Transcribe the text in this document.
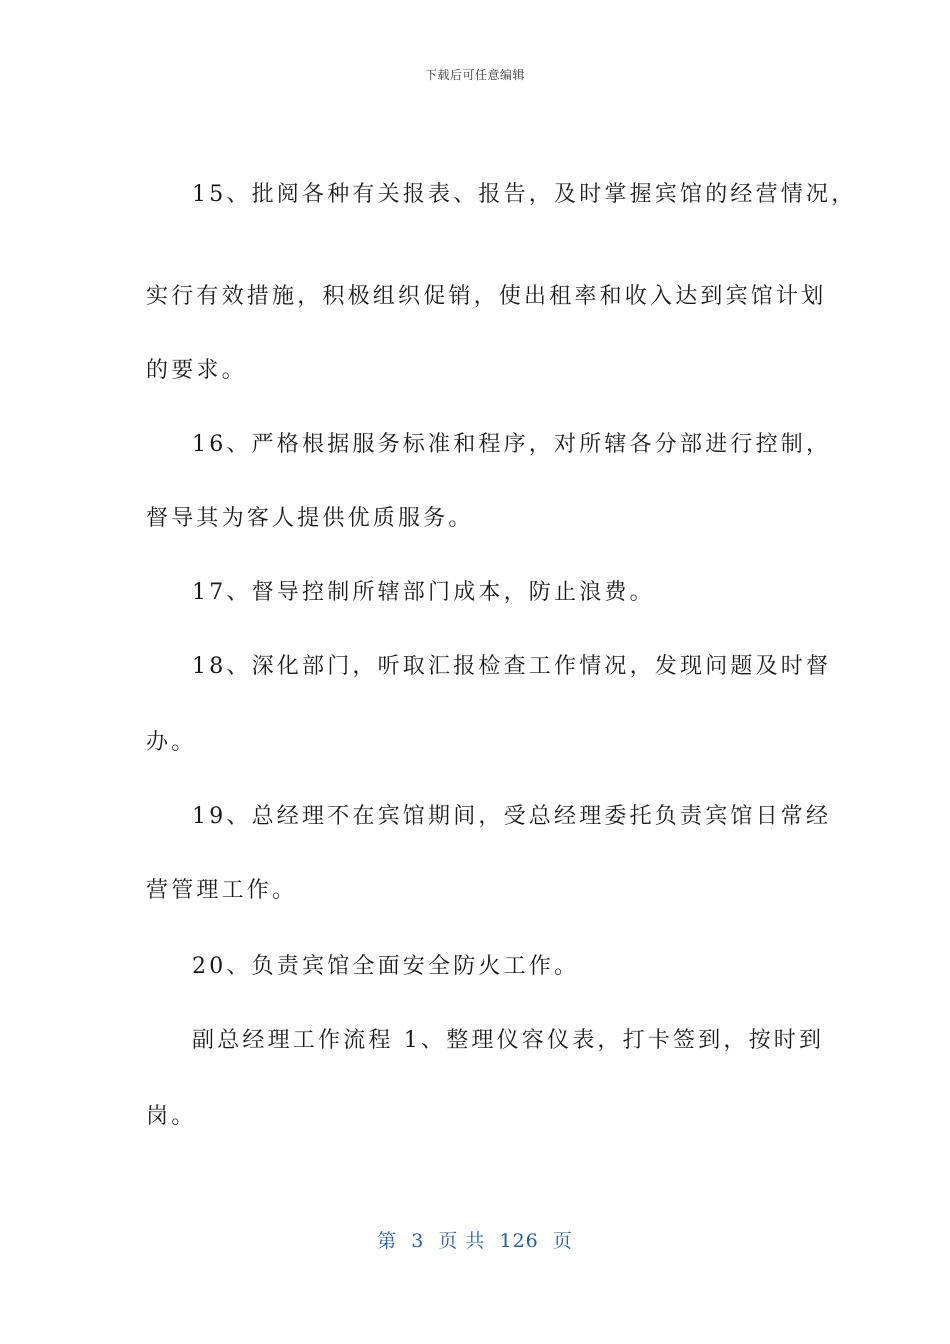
下载后可任意编辑
15、批阅各种有关报表、报告，及时掌握宾馆的经营情况，
实行有效措施，积极组织促销，使出租率和收入达到宾馆计划
的要求。
16、严格根据服务标准和程序，对所辖各分部进行控制，
督导其为客人提供优质服务。
17、督导控制所辖部门成本，防止浪费。
18、深化部门，听取汇报检查工作情况，发现问题及时督
办。
19、总经理不在宾馆期间，受总经理委托负责宾馆日常经
营管理工作。
20、负责宾馆全面安全防火工作。
副总经理工作流程 1、整理仪容仪表，打卡签到，按时到
岗。
第  3  页 共  126  页
